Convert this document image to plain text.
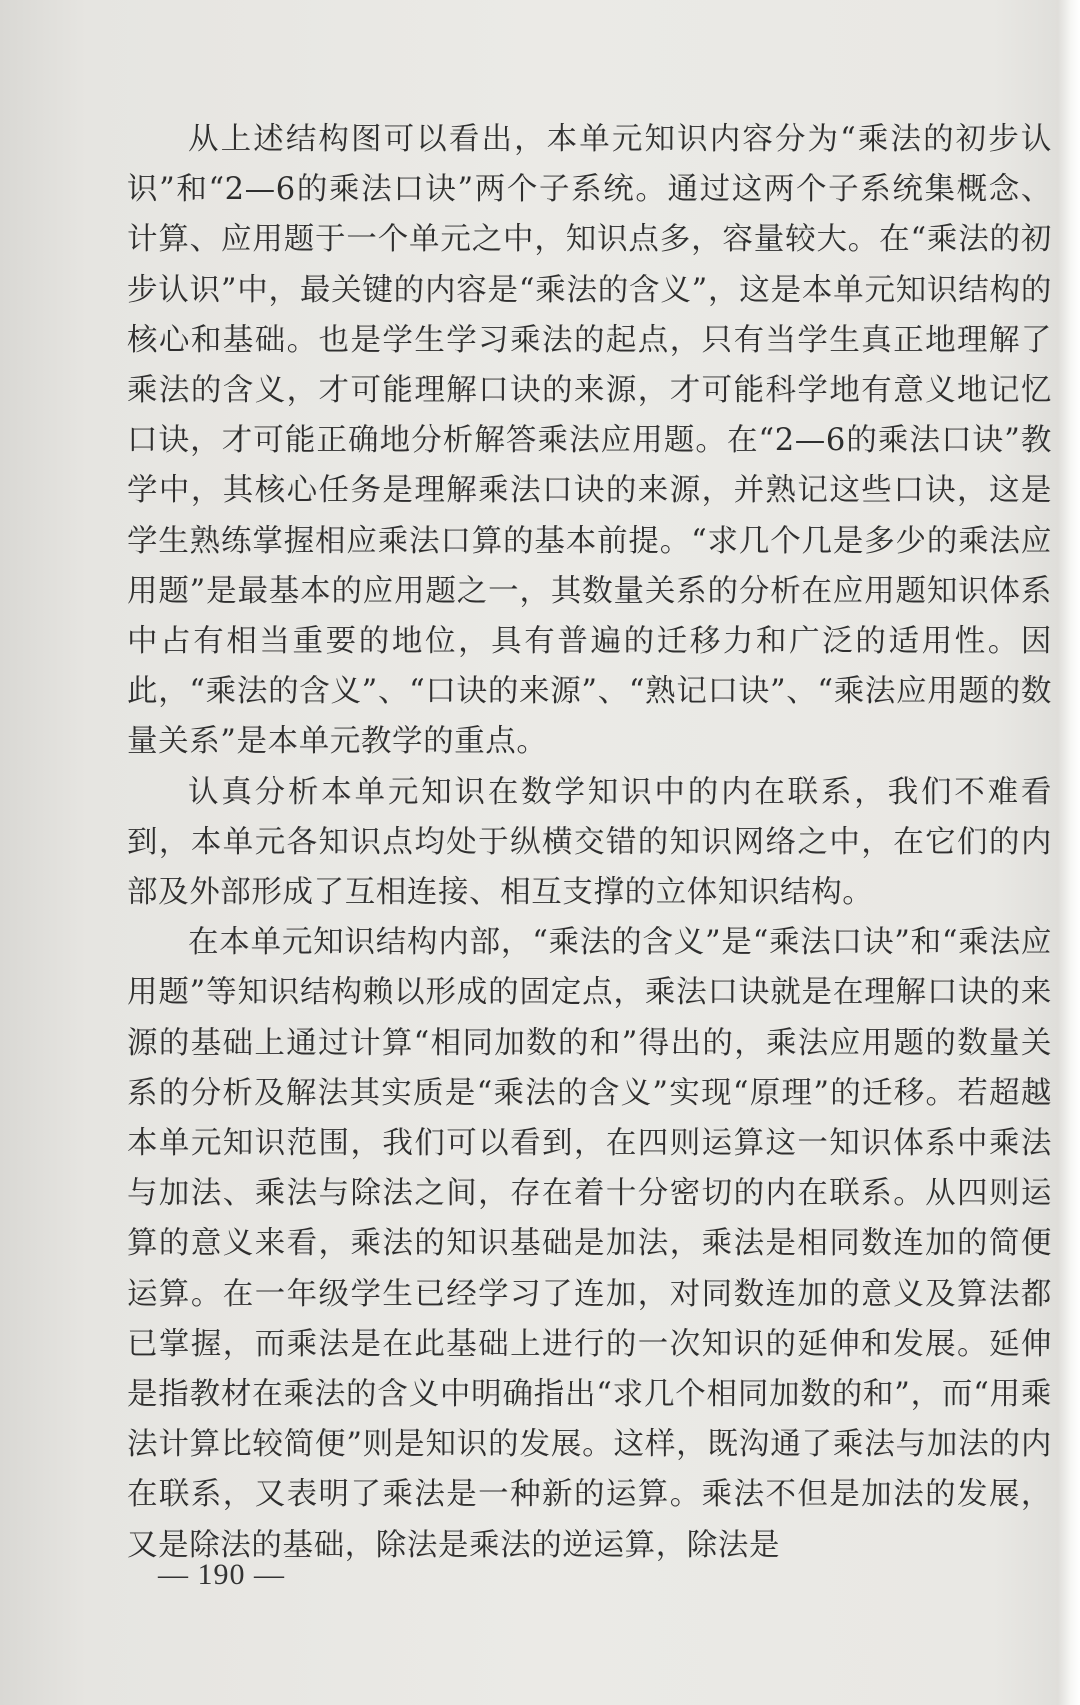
从上述结构图可以看出，本单元知识内容分为“乘法的初步认识”和“2—6的乘法口诀”两个子系统。通过这两个子系统集概念、计算、应用题于一个单元之中，知识点多，容量较大。在“乘法的初步认识”中，最关键的内容是“乘法的含义”，这是本单元知识结构的核心和基础。也是学生学习乘法的起点，只有当学生真正地理解了乘法的含义，才可能理解口诀的来源，才可能科学地有意义地记忆口诀，才可能正确地分析解答乘法应用题。在“2—6的乘法口诀”教学中，其核心任务是理解乘法口诀的来源，并熟记这些口诀，这是学生熟练掌握相应乘法口算的基本前提。“求几个几是多少的乘法应用题”是最基本的应用题之一，其数量关系的分析在应用题知识体系中占有相当重要的地位，具有普遍的迁移力和广泛的适用性。因此，“乘法的含义”、“口诀的来源”、“熟记口诀”、“乘法应用题的数量关系”是本单元教学的重点。

认真分析本单元知识在数学知识中的内在联系，我们不难看到，本单元各知识点均处于纵横交错的知识网络之中，在它们的内部及外部形成了互相连接、相互支撑的立体知识结构。

在本单元知识结构内部，“乘法的含义”是“乘法口诀”和“乘法应用题”等知识结构赖以形成的固定点，乘法口诀就是在理解口诀的来源的基础上通过计算“相同加数的和”得出的，乘法应用题的数量关系的分析及解法其实质是“乘法的含义”实现“原理”的迁移。若超越本单元知识范围，我们可以看到，在四则运算这一知识体系中乘法与加法、乘法与除法之间，存在着十分密切的内在联系。从四则运算的意义来看，乘法的知识基础是加法，乘法是相同数连加的简便运算。在一年级学生已经学习了连加，对同数连加的意义及算法都已掌握，而乘法是在此基础上进行的一次知识的延伸和发展。延伸是指教材在乘法的含义中明确指出“求几个相同加数的和”，而“用乘法计算比较简便”则是知识的发展。这样，既沟通了乘法与加法的内在联系，又表明了乘法是一种新的运算。乘法不但是加法的发展，又是除法的基础，除法是乘法的逆运算，除法是

— 190 —
